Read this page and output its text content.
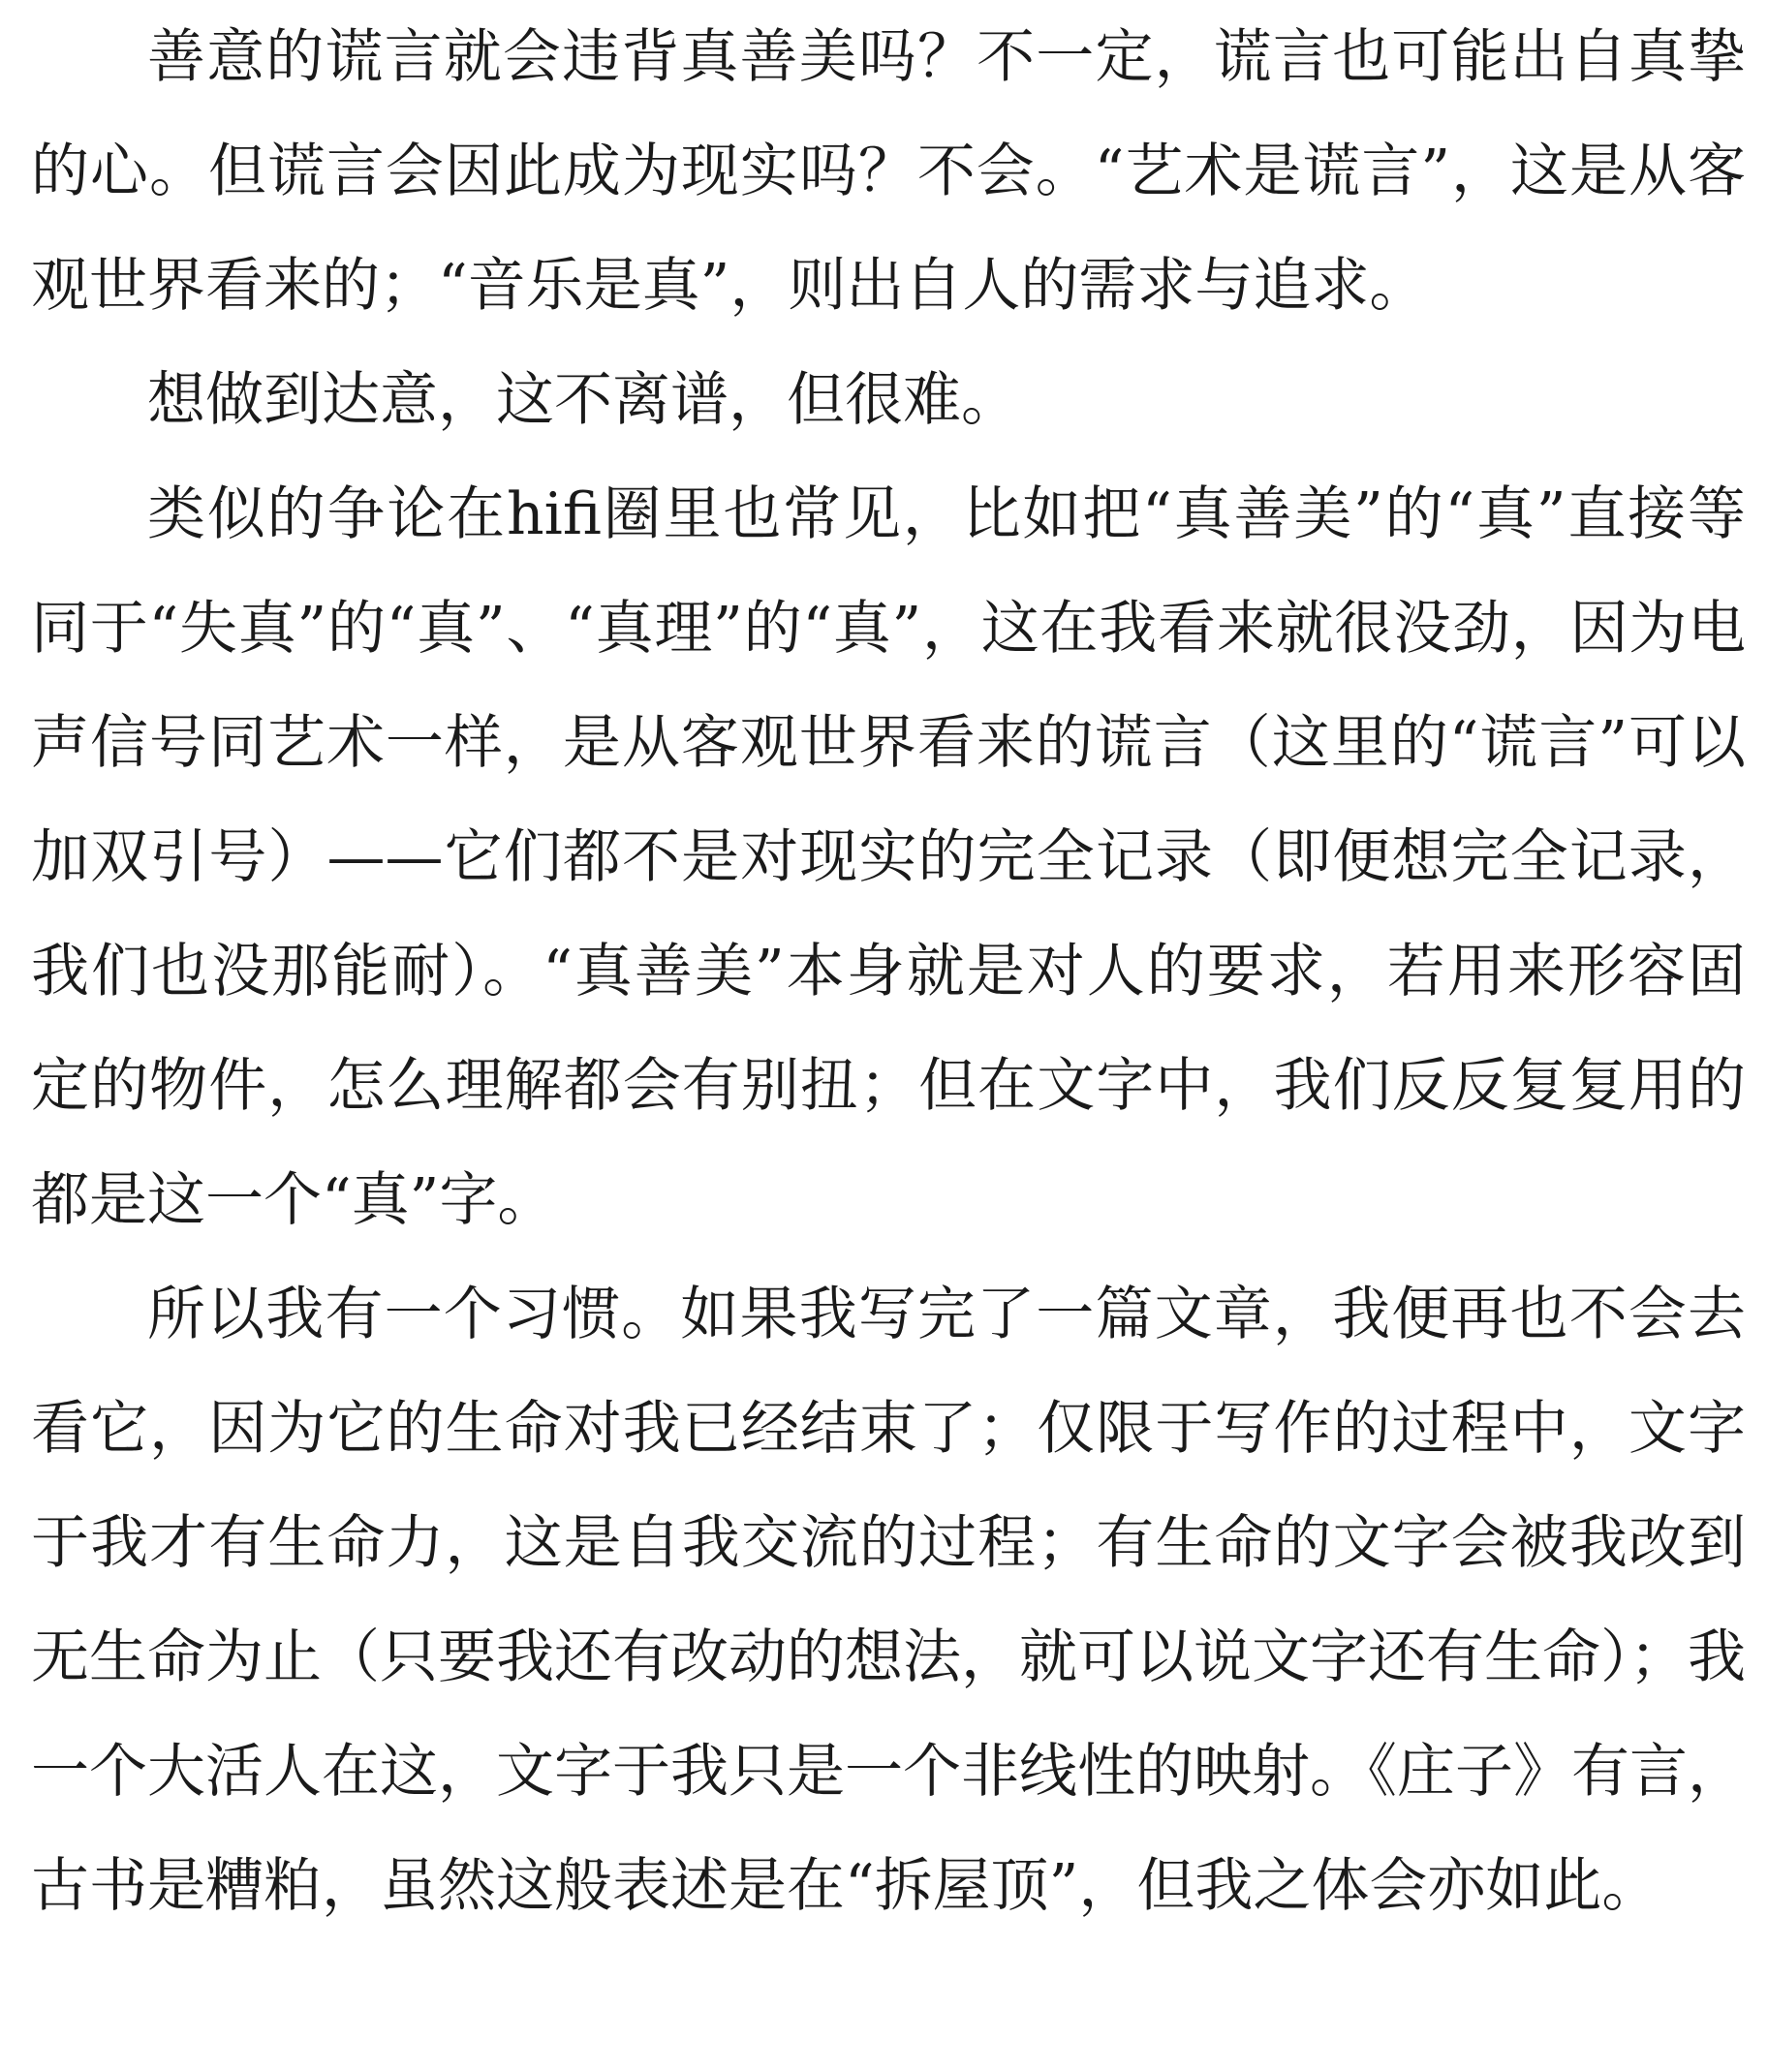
善意的谎言就会违背真善美吗？不一定，谎言也可能出自真挚的心。但谎言会因此成为现实吗？不会。“艺术是谎言”，这是从客观世界看来的；“音乐是真”，则出自人的需求与追求。

想做到达意，这不离谱，但很难。

类似的争论在hifi圈里也常见，比如把“真善美”的“真”直接等同于“失真”的“真”、“真理”的“真”，这在我看来就很没劲，因为电声信号同艺术一样，是从客观世界看来的谎言（这里的“谎言”可以加双引号）——它们都不是对现实的完全记录（即便想完全记录，我们也没那能耐）。“真善美”本身就是对人的要求，若用来形容固定的物件，怎么理解都会有别扭；但在文字中，我们反反复复用的都是这一个“真”字。

所以我有一个习惯。如果我写完了一篇文章，我便再也不会去看它，因为它的生命对我已经结束了；仅限于写作的过程中，文字于我才有生命力，这是自我交流的过程；有生命的文字会被我改到无生命为止（只要我还有改动的想法，就可以说文字还有生命）；我一个大活人在这，文字于我只是一个非线性的映射。《庄子》有言，古书是糟粕，虽然这般表述是在“拆屋顶”，但我之体会亦如此。
